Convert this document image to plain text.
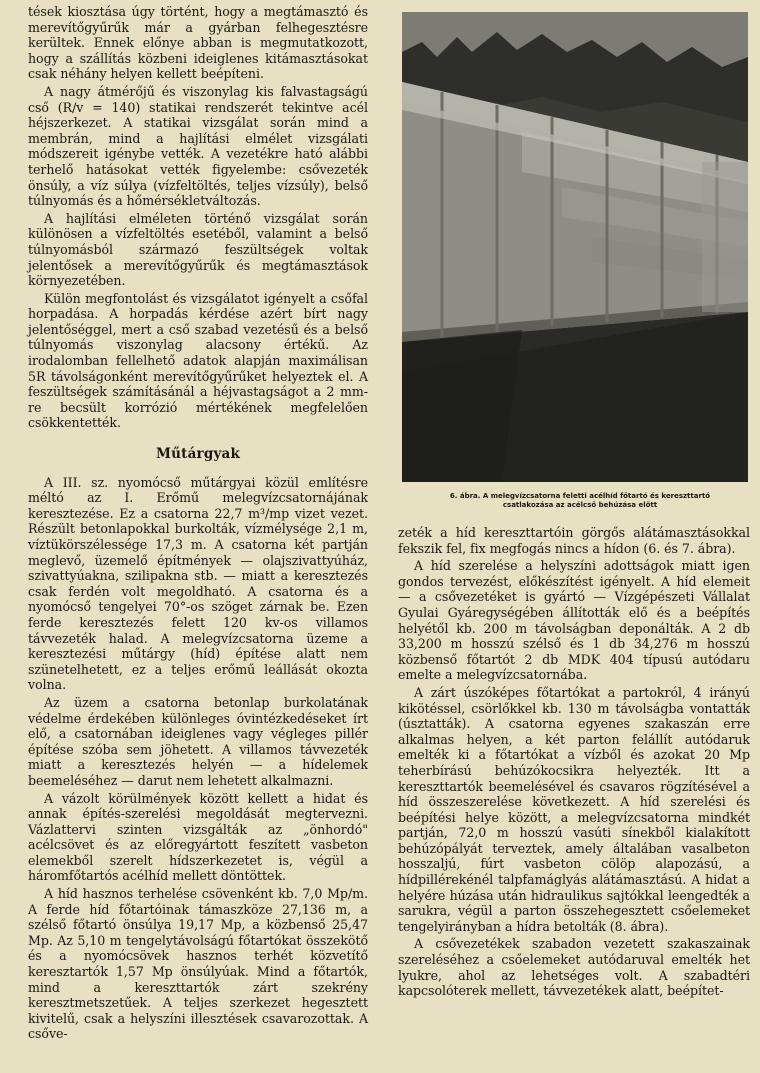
tések kiosztása úgy történt, hogy a megtámasztó és merevítőgyűrűk már a gyárban felhegesztésre kerültek. Ennek előnye abban is megmutatkozott, hogy a szállítás közbeni ideiglenes kitámasztásokat csak néhány helyen kellett beépíteni.

A nagy átmérőjű és viszonylag kis falvastagságú cső (R/v = 140) statikai rendszerét tekintve acél héjszerkezet. A statikai vizsgálat során mind a membrán, mind a hajlítási elmélet vizsgálati módszereit igénybe vették. A vezetékre ható alábbi terhelő hatásokat vették figyelembe: csővezeték önsúly, a víz súlya (vízfeltöltés, teljes vízsúly), belső túlnyomás és a hőmérsékletváltozás.

A hajlítási elméleten történő vizsgálat során különösen a vízfeltöltés esetéből, valamint a belső túlnyomásból származó feszültségek voltak jelentősek a merevítőgyűrűk és megtámasztások környezetében.

Külön megfontolást és vizsgálatot igényelt a csőfal horpadása. A horpadás kérdése azért bírt nagy jelentőséggel, mert a cső szabad vezetésű és a belső túlnyomás viszonylag alacsony értékű. Az irodalomban fellelhető adatok alapján maximálisan 5R távolságonként merevítőgyűrűket helyeztek el. A feszültségek számításánál a héjvastagságot a 2 mm-re becsült korrózió mértékének megfelelően csökkentették.

Műtárgyak

A III. sz. nyomócső műtárgyai közül említésre méltó az I. Erőmű melegvízcsatornájának keresztezése. Ez a csatorna 22,7 m³/mp vizet vezet. Részült betonlapokkal burkolták, vízmélysége 2,1 m, víztükörszélessége 17,3 m. A csatorna két partján meglevő, üzemelő építmények — olajszivattyúház, szivattyúakna, szilipakna stb. — miatt a keresztezés csak ferdén volt megoldható. A csatorna és a nyomócső tengelyei 70°-os szöget zárnak be. Ezen ferde keresztezés felett 120 kv-os villamos távvezeték halad. A melegvízcsatorna üzeme a keresztezési műtárgy (híd) építése alatt nem szünetelhetett, ez a teljes erőmű leállását okozta volna.

Az üzem a csatorna betonlap burkolatának védelme érdekében különleges óvintézkedéseket írt elő, a csatornában ideiglenes vagy végleges pillér építése szóba sem jöhetett. A villamos távvezeték miatt a keresztezés helyén — a hídelemek beemeléséhez — darut nem lehetett alkalmazni.

A vázolt körülmények között kellett a hidat és annak építés-szerelési megoldását megtervezni. Vázlattervi szinten vizsgálták az „önhordó" acélcsövet és az előregyártott feszített vasbeton elemekből szerelt hídszerkezetet is, végül a háromfőtartós acélhíd mellett döntöttek.

A híd hasznos terhelése csövenként kb. 7,0 Mp/m. A ferde híd főtartóinak támaszköze 27,136 m, a szélső főtartó önsúlya 19,17 Mp, a közbenső 25,47 Mp. Az 5,10 m tengelytávolságú főtartókat összekötő és a nyomócsövek hasznos terhét közvetítő keresztartók 1,57 Mp önsúlyúak. Mind a főtartók, mind a kereszttartók zárt szekrény keresztmetszetűek. A teljes szerkezet hegesztett kivitelű, csak a helyszíni illesztések csavarozottak. A csőve-

6. ábra. A melegvízcsatorna feletti acélhíd főtartó és kereszttartó csatlakozása az acélcső behúzása előtt

zeték a híd kereszttartóin görgős alátámasztásokkal fekszik fel, fix megfogás nincs a hídon (6. és 7. ábra).

A híd szerelése a helyszíni adottságok miatt igen gondos tervezést, előkészítést igényelt. A híd elemeit — a csővezetéket is gyártó — Vízgépészeti Vállalat Gyulai Gyáregységében állították elő és a beépítés helyétől kb. 200 m távolságban deponálták. A 2 db 33,200 m hosszú szélső és 1 db 34,276 m hosszú közbenső főtartót 2 db MDK 404 típusú autódaru emelte a melegvízcsatornába.

A zárt úszóképes főtartókat a partokról, 4 irányú kikötéssel, csörlőkkel kb. 130 m távolságba vontatták (úsztatták). A csatorna egyenes szakaszán erre alkalmas helyen, a két parton felállít autódaruk emelték ki a főtartókat a vízből és azokat 20 Mp teherbírású behúzókocsikra helyezték. Itt a kereszttartók beemelésével és csavaros rögzítésével a híd összeszerelése következett. A híd szerelési és beépítési helye között, a melegvízcsatorna mindkét partján, 72,0 m hosszú vasúti sínekből kialakított behúzópályát terveztek, amely általában vasalbeton hosszaljú, fúrt vasbeton cölöp alapozású, a hídpillérekénél talpfamáglyás alátámasztású. A hidat a helyére húzása után hidraulikus sajtókkal leengedték a sarukra, végül a parton összehegesztett csőelemeket tengelyirányban a hídra betolták (8. ábra).

A csővezetékek szabadon vezetett szakaszainak szereléséhez a csőelemeket autódaruval emelték het lyukre, ahol az lehetséges volt. A szabadtéri kapcsolóterek mellett, távvezetékek alatt, beépítet-
